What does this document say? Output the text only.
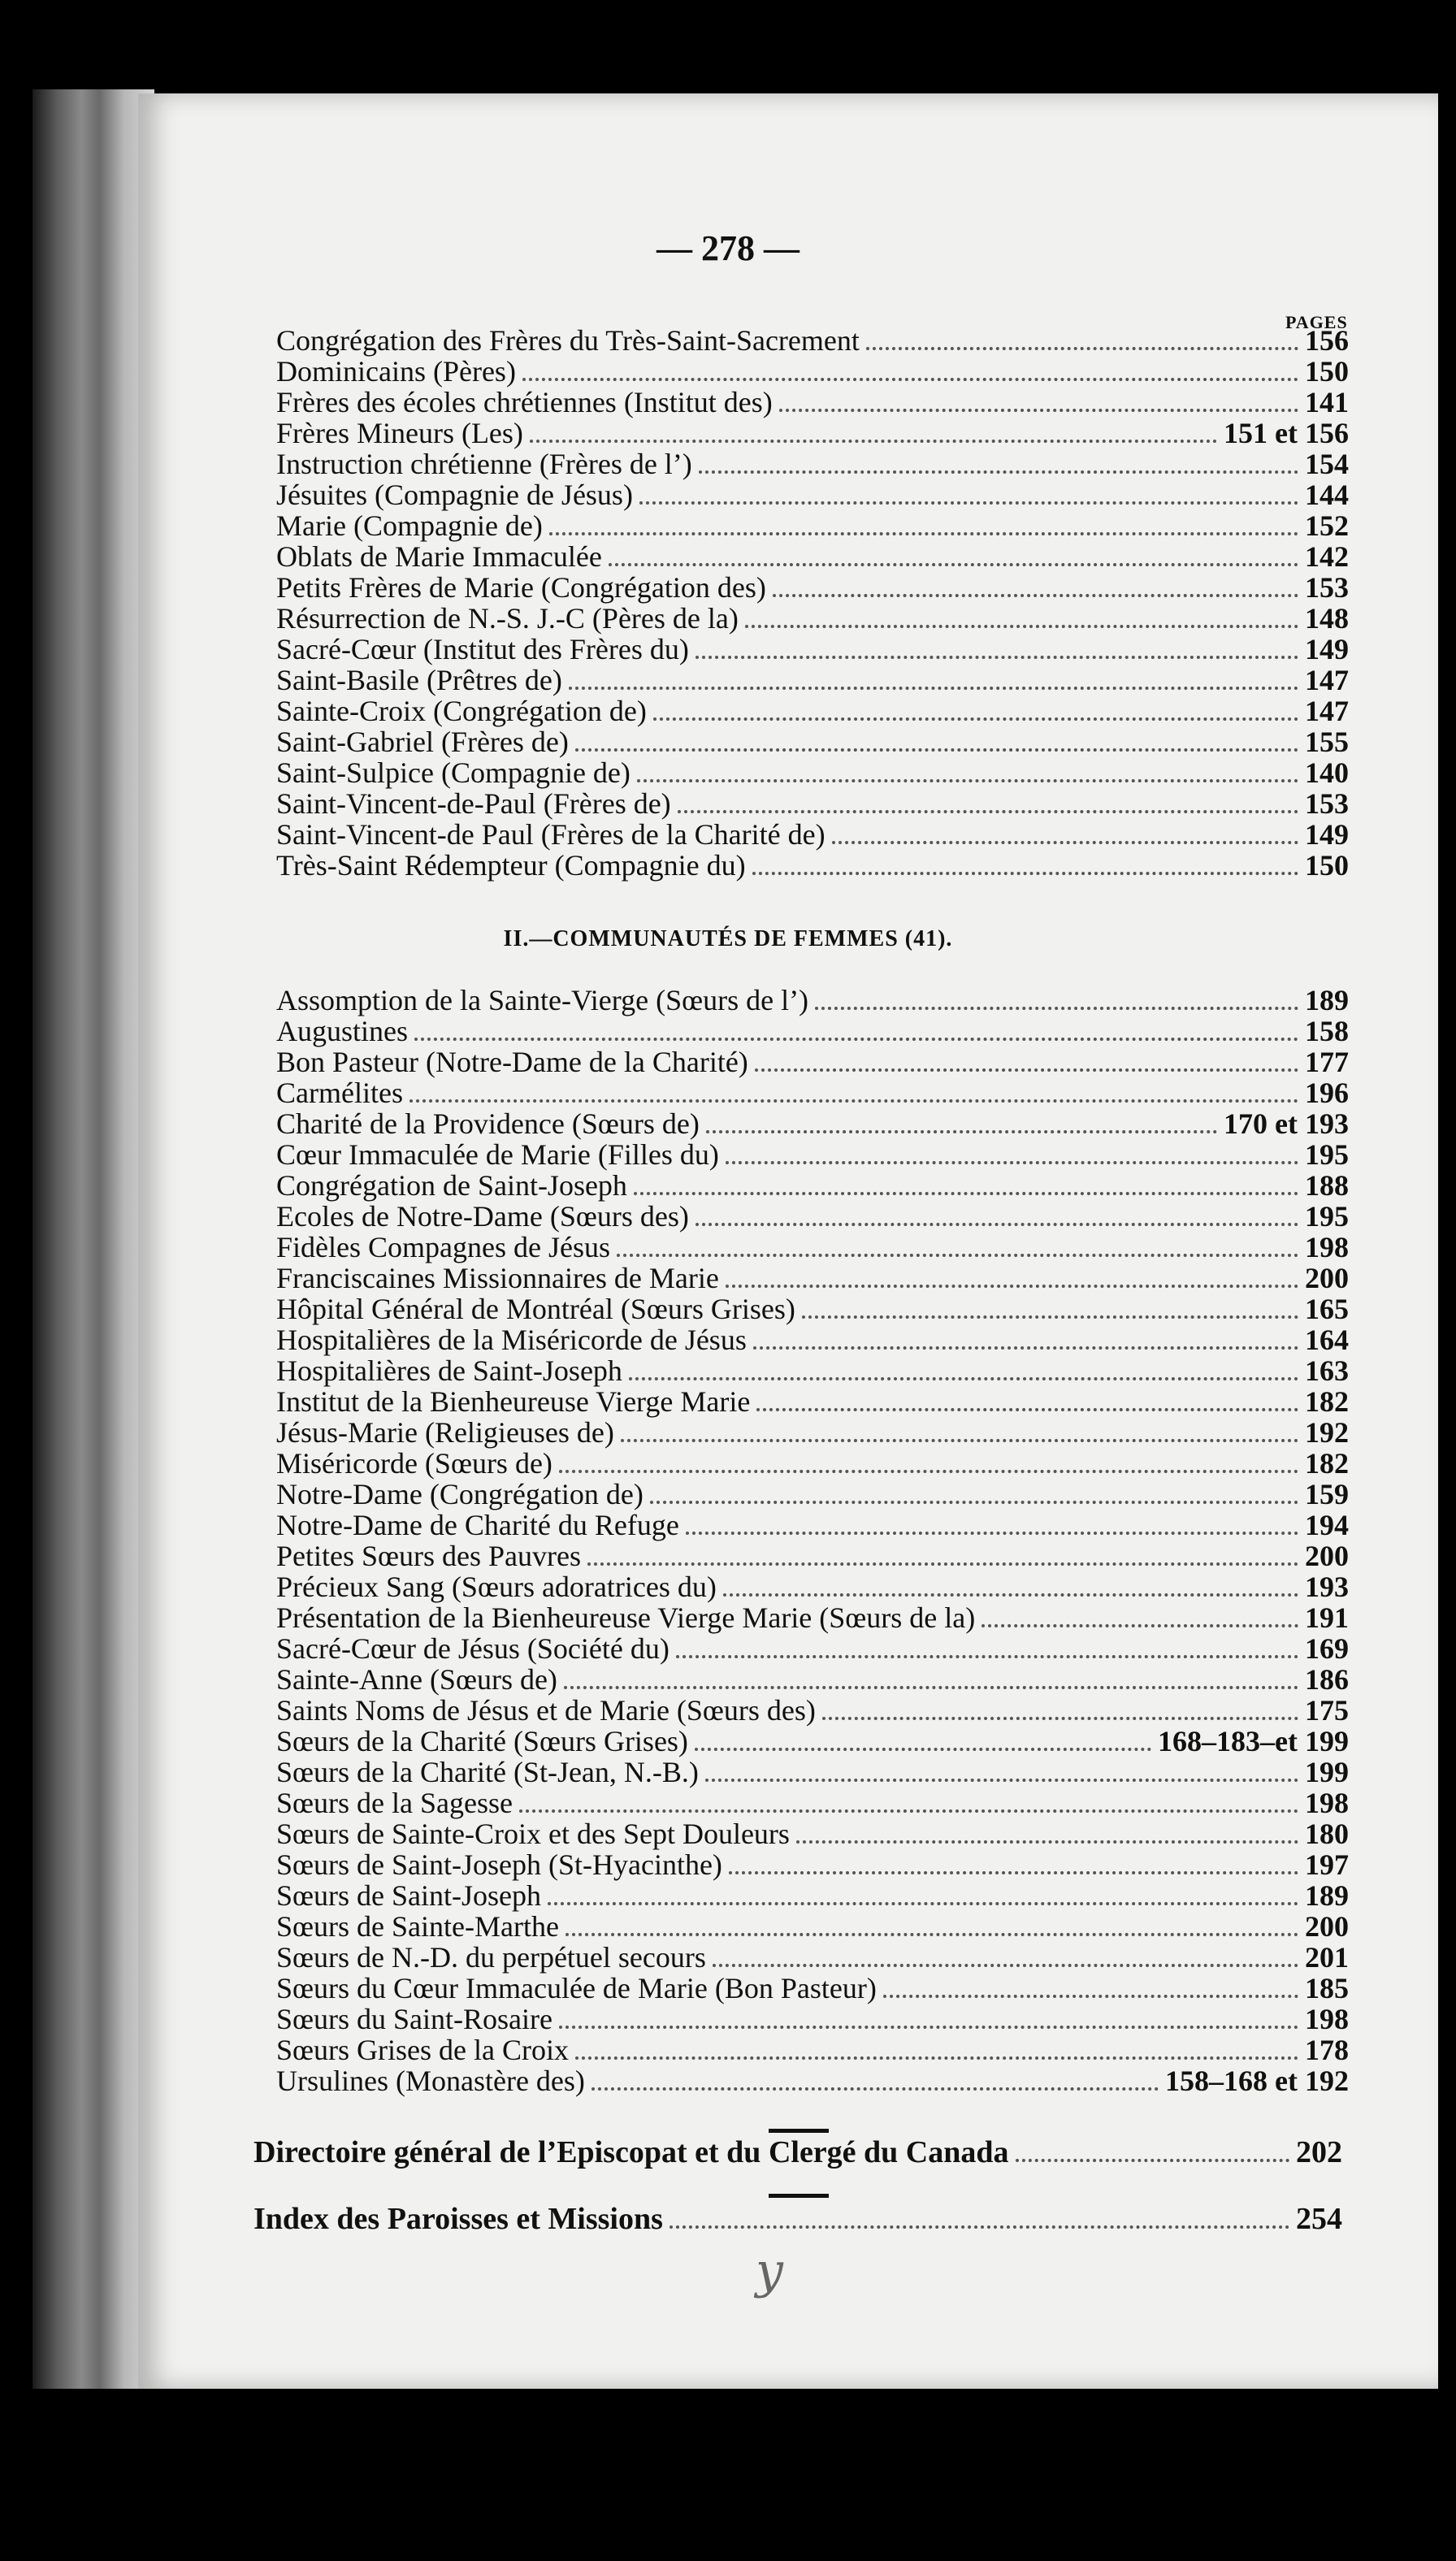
— 278 —
PAGES
Congrégation des Frères du Très-Saint-Sacrement	156
Dominicains (Pères)	150
Frères des écoles chrétiennes (Institut des)	141
Frères Mineurs (Les)	151 et 156
Instruction chrétienne (Frères de l’)	154
Jésuites (Compagnie de Jésus)	144
Marie (Compagnie de)	152
Oblats de Marie Immaculée	142
Petits Frères de Marie (Congrégation des)	153
Résurrection de N.-S. J.-C (Pères de la)	148
Sacré-Cœur (Institut des Frères du)	149
Saint-Basile (Prêtres de)	147
Sainte-Croix (Congrégation de)	147
Saint-Gabriel (Frères de)	155
Saint-Sulpice (Compagnie de)	140
Saint-Vincent-de-Paul (Frères de)	153
Saint-Vincent-de Paul (Frères de la Charité de)	149
Très-Saint Rédempteur (Compagnie du)	150
II.—COMMUNAUTÉS DE FEMMES (41).
Assomption de la Sainte-Vierge (Sœurs de l’)	189
Augustines	158
Bon Pasteur (Notre-Dame de la Charité)	177
Carmélites	196
Charité de la Providence (Sœurs de)	170 et 193
Cœur Immaculée de Marie (Filles du)	195
Congrégation de Saint-Joseph	188
Ecoles de Notre-Dame (Sœurs des)	195
Fidèles Compagnes de Jésus	198
Franciscaines Missionnaires de Marie	200
Hôpital Général de Montréal (Sœurs Grises)	165
Hospitalières de la Miséricorde de Jésus	164
Hospitalières de Saint-Joseph	163
Institut de la Bienheureuse Vierge Marie	182
Jésus-Marie (Religieuses de)	192
Miséricorde (Sœurs de)	182
Notre-Dame (Congrégation de)	159
Notre-Dame de Charité du Refuge	194
Petites Sœurs des Pauvres	200
Précieux Sang (Sœurs adoratrices du)	193
Présentation de la Bienheureuse Vierge Marie (Sœurs de la)	191
Sacré-Cœur de Jésus (Société du)	169
Sainte-Anne (Sœurs de)	186
Saints Noms de Jésus et de Marie (Sœurs des)	175
Sœurs de la Charité (Sœurs Grises)	168–183–et 199
Sœurs de la Charité (St-Jean, N.-B.)	199
Sœurs de la Sagesse	198
Sœurs de Sainte-Croix et des Sept Douleurs	180
Sœurs de Saint-Joseph (St-Hyacinthe)	197
Sœurs de Saint-Joseph	189
Sœurs de Sainte-Marthe	200
Sœurs de N.-D. du perpétuel secours	201
Sœurs du Cœur Immaculée de Marie (Bon Pasteur)	185
Sœurs du Saint-Rosaire	198
Sœurs Grises de la Croix	178
Ursulines (Monastère des)	158–168 et 192
Directoire général de l’Episcopat et du Clergé du Canada	202
Index des Paroisses et Missions	254
y
